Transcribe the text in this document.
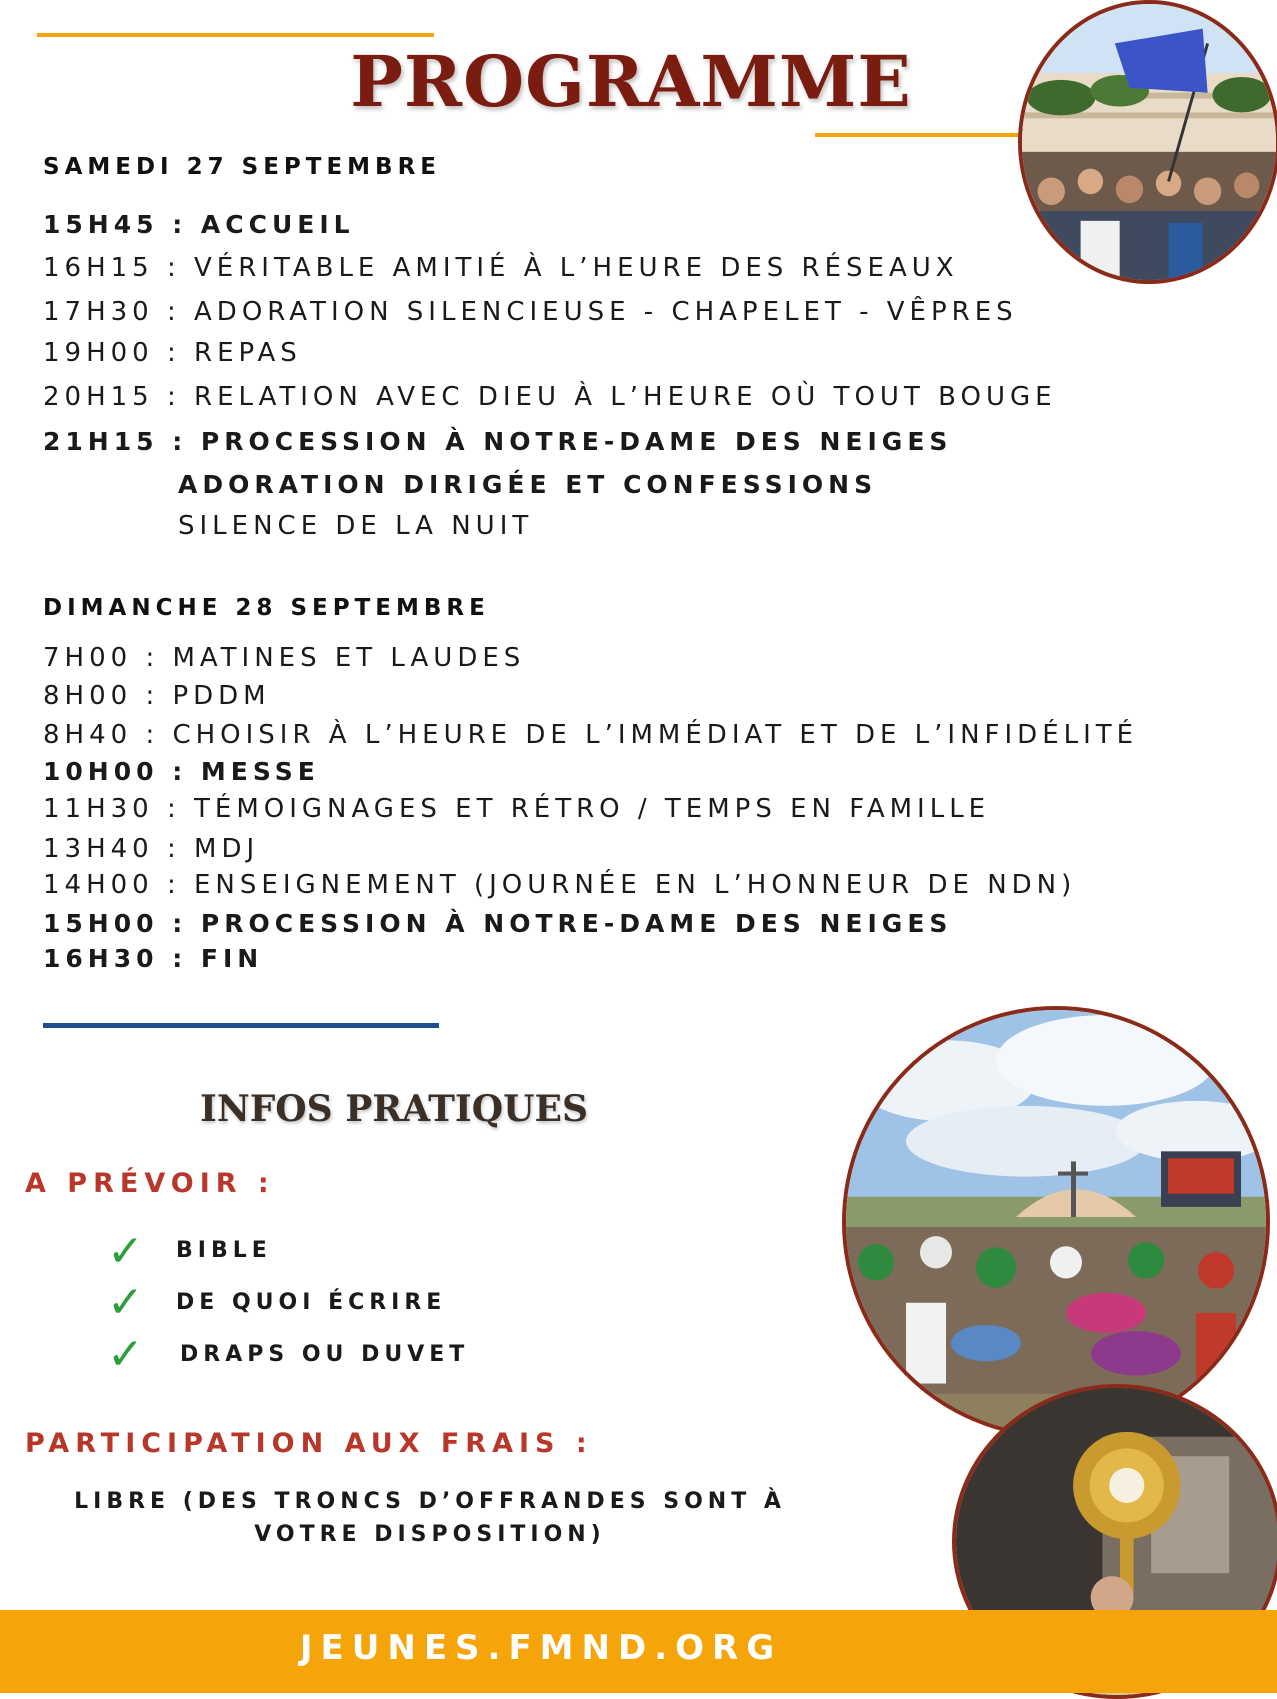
PROGRAMME
SAMEDI 27 SEPTEMBRE

15H45 : ACCUEIL

16H15 : VÉRITABLE AMITIÉ À L’HEURE DES RÉSEAUX

17H30 : ADORATION SILENCIEUSE - CHAPELET - VÊPRES

19H00 : REPAS

20H15 : RELATION AVEC DIEU À L’HEURE OÙ TOUT BOUGE

21H15 : PROCESSION À NOTRE-DAME DES NEIGES

ADORATION DIRIGÉE ET CONFESSIONS

SILENCE DE LA NUIT

DIMANCHE 28 SEPTEMBRE

7H00 : MATINES ET LAUDES

8H00 : PDDM

8H40 : CHOISIR À L’HEURE DE L’IMMÉDIAT ET DE L’INFIDÉLITÉ

10H00 : MESSE

11H30 : TÉMOIGNAGES ET RÉTRO / TEMPS EN FAMILLE

13H40 : MDJ

14H00 : ENSEIGNEMENT (JOURNÉE EN L’HONNEUR DE NDN)

15H00 : PROCESSION À NOTRE-DAME DES NEIGES

16H30 : FIN

INFOS PRATIQUES
A PRÉVOIR :
✓ BIBLE

✓ DE QUOI ÉCRIRE

✓ DRAPS OU DUVET

PARTICIPATION AUX FRAIS :

LIBRE (DES TRONCS D’OFFRANDES SONT À VOTRE DISPOSITION)

JEUNES.FMND.ORG
